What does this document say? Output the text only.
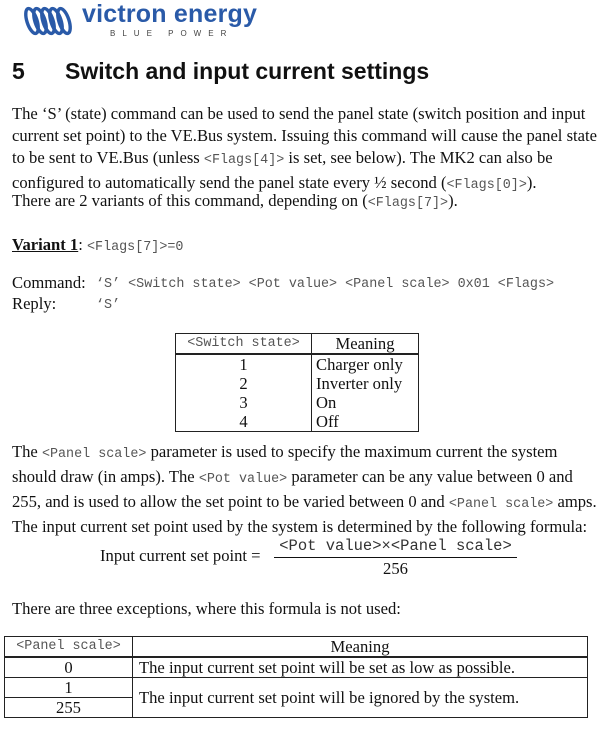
victron energy
BLUE POWER
5 Switch and input current settings
The ‘S’ (state) command can be used to send the panel state (switch position and input
current set point) to the VE.Bus system. Issuing this command will cause the panel state
to be sent to VE.Bus (unless <Flags[4]> is set, see below). The MK2 can also be
configured to automatically send the panel state every ½ second (<Flags[0]>).
There are 2 variants of this command, depending on (<Flags[7]>).
Variant 1: <Flags[7]>=0
Command: ‘S’ <Switch state> <Pot value> <Panel scale> 0x01 <Flags>
Reply:	‘S’
<Switch state>	Meaning
1	Charger only
2	Inverter only
3	On
4	Off
The <Panel scale> parameter is used to specify the maximum current the system
should draw (in amps). The <Pot value> parameter can be any value between 0 and
255, and is used to allow the set point to be varied between 0 and <Panel scale> amps.
The input current set point used by the system is determined by the following formula:
Input current set point =	<Pot value>×<Panel scale>
256
There are three exceptions, where this formula is not used:
<Panel scale>	Meaning
0	The input current set point will be set as low as possible.
1	The input current set point will be ignored by the system.
255	
